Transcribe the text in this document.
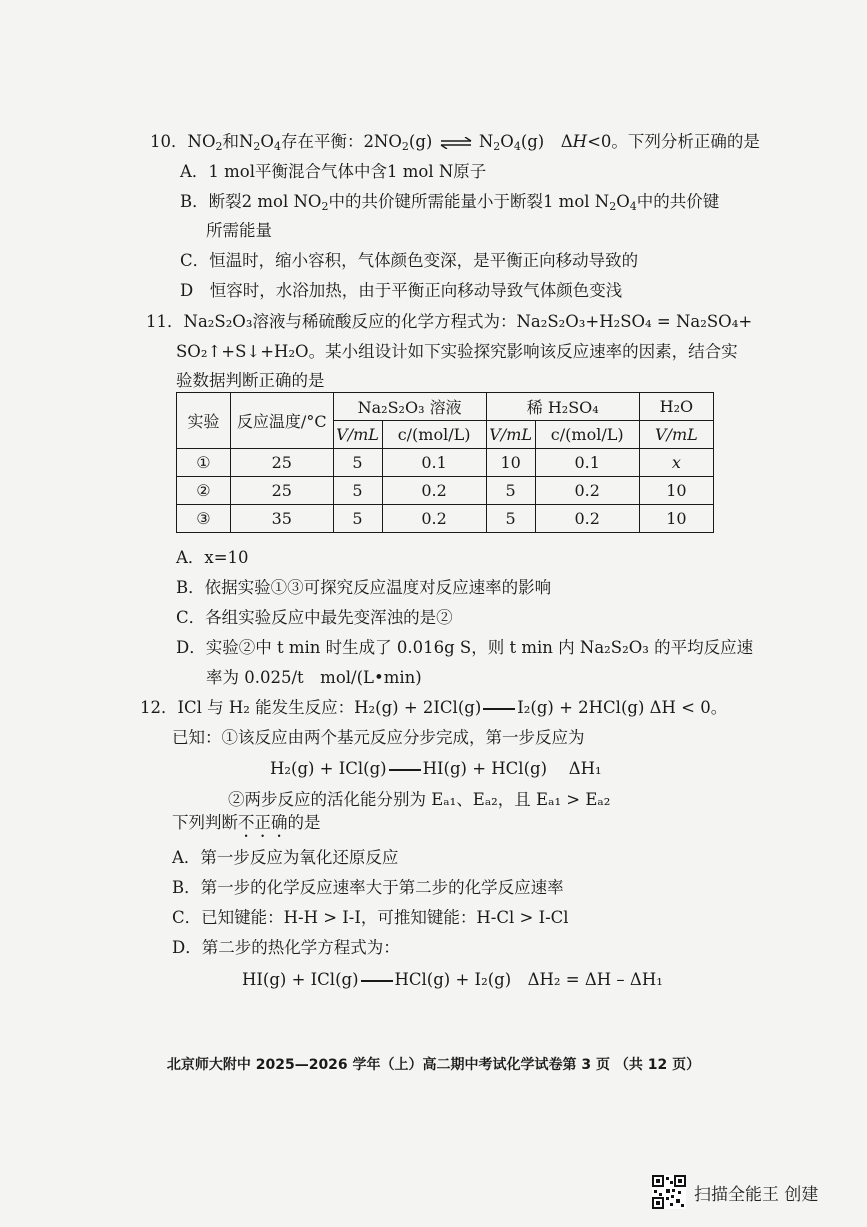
10．$NO_2$和$N_2O_4$存在平衡：$2NO_2(g)$ ⇌ $N_2O_4(g)$　ΔH<0。下列分析正确的是
A．1 mol平衡混合气体中含1 mol N原子
B．断裂2 mol $NO_2$中的共价键所需能量小于断裂1 mol $N_2O_4$中的共价键
所需能量
C．恒温时，缩小容积，气体颜色变深，是平衡正向移动导致的
D　恒容时，水浴加热，由于平衡正向移动导致气体颜色变浅
11．Na₂S₂O₃溶液与稀硫酸反应的化学方程式为：Na₂S₂O₃+H₂SO₄ = Na₂SO₄+
SO₂↑+S↓+H₂O。某小组设计如下实验探究影响该反应速率的因素，结合实
验数据判断正确的是
实验	反应温度/°C	Na₂S₂O₃ 溶液		稀 H₂SO₄		H₂O
		V/mL	c/(mol/L)	V/mL	c/(mol/L)	V/mL
①	25	5	0.1	10	0.1	x
②	25	5	0.2	5	0.2	10
③	35	5	0.2	5	0.2	10
A．x=10
B．依据实验①③可探究反应温度对反应速率的影响
C．各组实验反应中最先变浑浊的是②
D．实验②中 t min 时生成了 0.016g S，则 t min 内 Na₂S₂O₃ 的平均反应速
率为 0.025/t　mol/(L•min)
12．ICl 与 H₂ 能发生反应：H₂(g) + 2ICl(g) I₂(g) + 2HCl(g) ΔH < 0。
已知：①该反应由两个基元反应分步完成，第一步反应为
H₂(g) + ICl(g) HI(g) + HCl(g)　 ΔH₁
②两步反应的活化能分别为 Eₐ₁、Eₐ₂，且 Eₐ₁ > Eₐ₂
下列判断不正确的是
A．第一步反应为氧化还原反应
B．第一步的化学反应速率大于第二步的化学反应速率
C．已知键能：H-H > I-I，可推知键能：H-Cl > I-Cl
D．第二步的热化学方程式为：
HI(g) + ICl(g) HCl(g) + I₂(g)　ΔH₂ = ΔH – ΔH₁
北京师大附中 2025—2026 学年（上）高二期中考试化学试卷第 3 页 （共 12 页）
扫描全能王 创建
